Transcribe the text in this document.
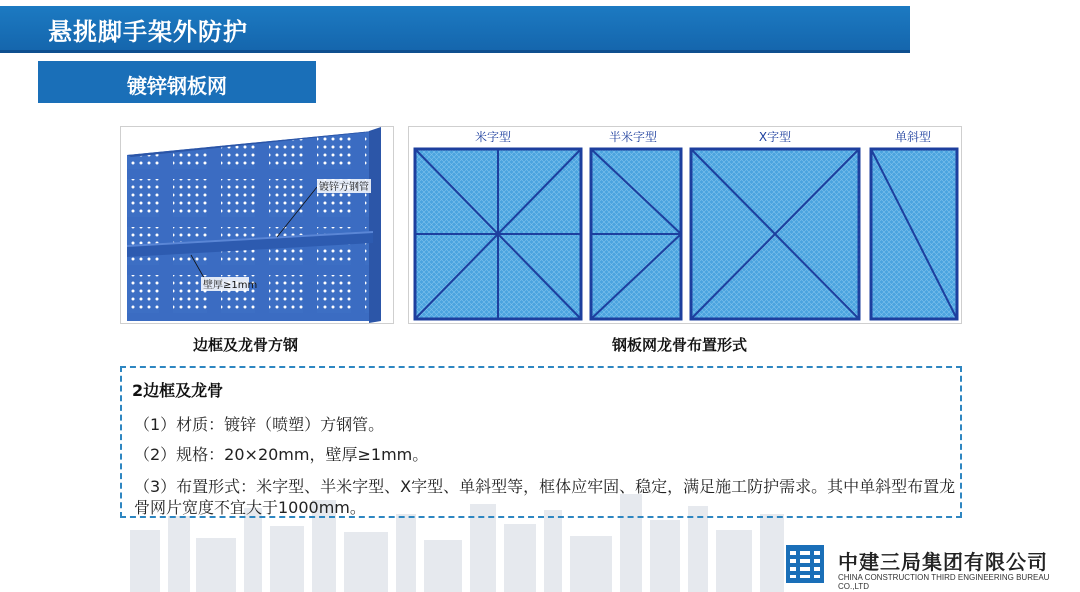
悬挑脚手架外防护
镀锌钢板网
镀锌方钢管
壁厚≥1mm
边框及龙骨方钢
米字型	半米字型	X字型	单斜型
钢板网龙骨布置形式
2边框及龙骨
（1）材质：镀锌（喷塑）方钢管。
（2）规格：20×20mm，壁厚≥1mm。
（3）布置形式：米字型、半米字型、X字型、单斜型等，框体应牢固、稳定，满足施工防护需求。其中单斜型布置龙骨网片宽度不宜大于1000mm。
中建三局集团有限公司
CHINA CONSTRUCTION THIRD ENGINEERING BUREAU CO.,LTD
